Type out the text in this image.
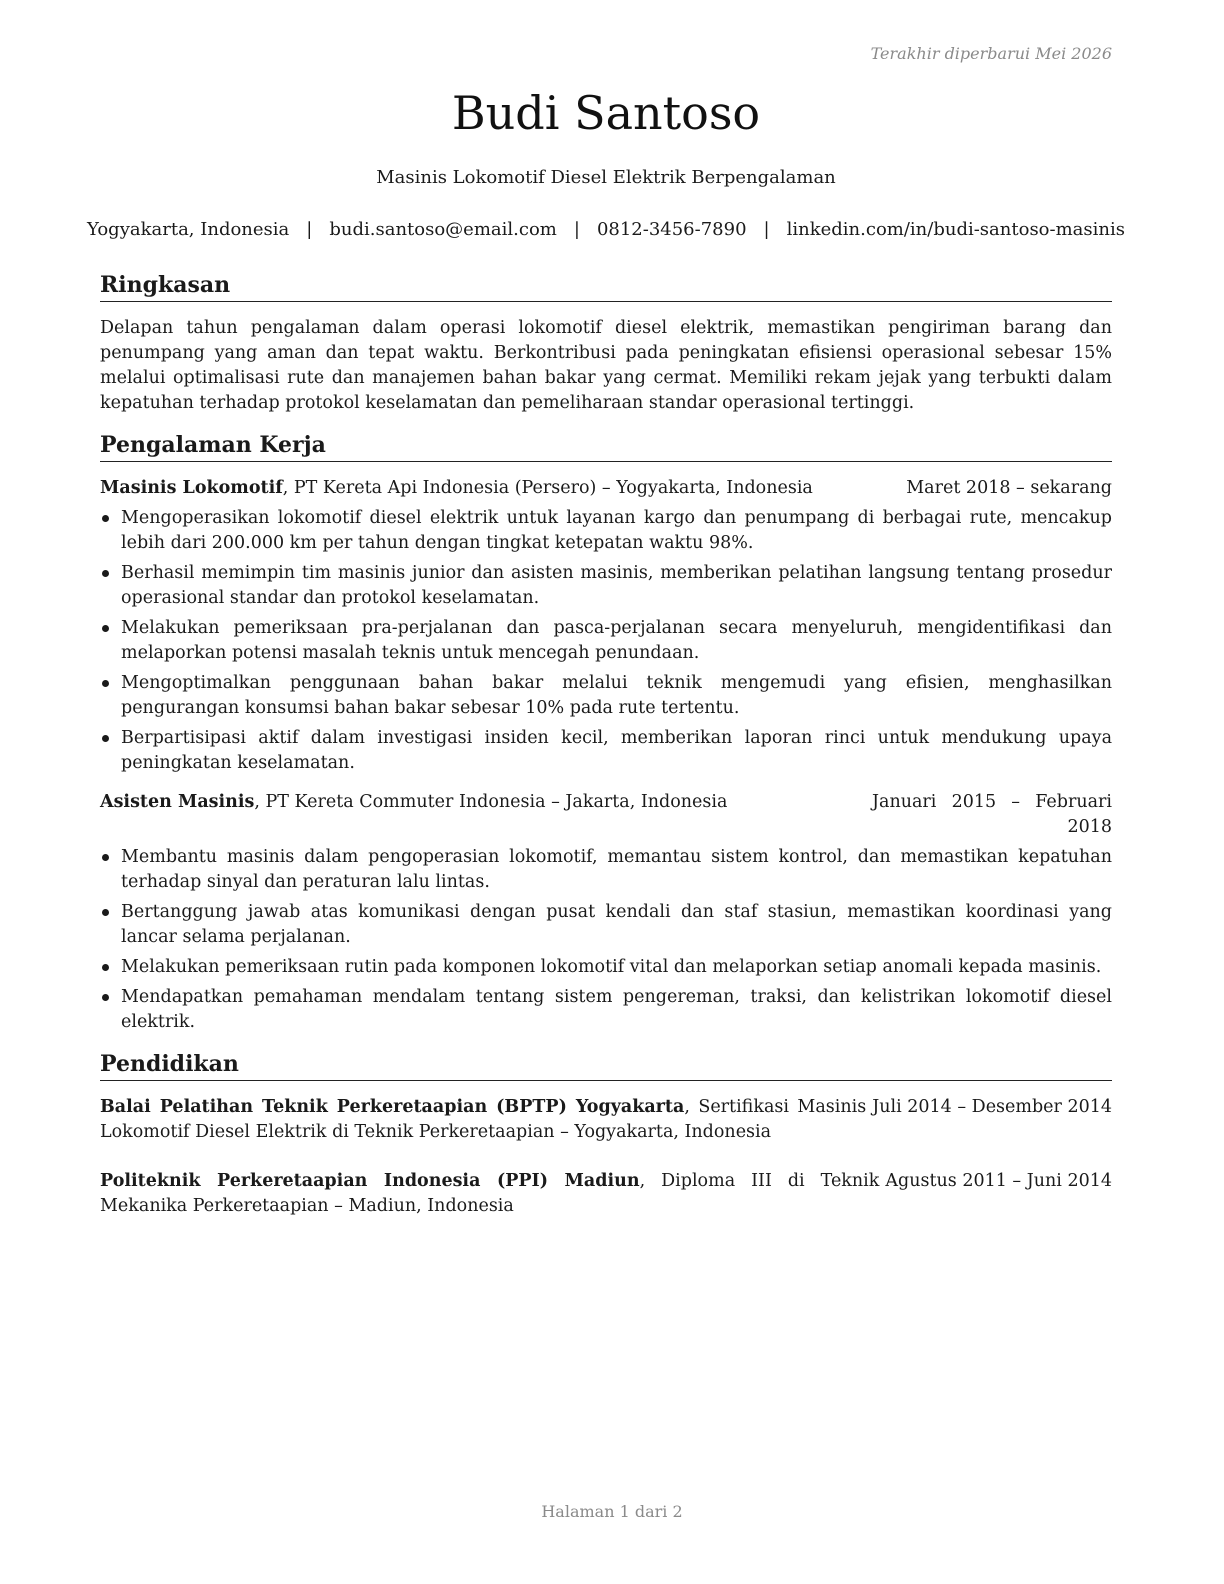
Terakhir diperbarui Mei 2026
Budi Santoso
Masinis Lokomotif Diesel Elektrik Berpengalaman
Yogyakarta, Indonesia | budi.santoso@email.com | 0812-3456-7890 | linkedin.com/in/budi-santoso-masinis
Ringkasan

Delapan tahun pengalaman dalam operasi lokomotif diesel elektrik, memastikan pengiriman barang dan penumpang yang aman dan tepat waktu. Berkontribusi pada peningkatan efisiensi operasional sebesar 15% melalui optimalisasi rute dan manajemen bahan bakar yang cermat. Memiliki rekam jejak yang terbukti dalam kepatuhan terhadap protokol keselamatan dan pemeliharaan standar operasional tertinggi.

Pengalaman Kerja
Masinis Lokomotif, PT Kereta Api Indonesia (Persero) – Yogyakarta, Indonesia	Maret 2018 – sekarang
Mengoperasikan lokomotif diesel elektrik untuk layanan kargo dan penumpang di berbagai rute, mencakup lebih dari 200.000 km per tahun dengan tingkat ketepatan waktu 98%.
Berhasil memimpin tim masinis junior dan asisten masinis, memberikan pelatihan langsung tentang prosedur operasional standar dan protokol keselamatan.
Melakukan pemeriksaan pra-perjalanan dan pasca-perjalanan secara menyeluruh, mengidentifikasi dan melaporkan potensi masalah teknis untuk mencegah penundaan.
Mengoptimalkan penggunaan bahan bakar melalui teknik mengemudi yang efisien, menghasilkan pengurangan konsumsi bahan bakar sebesar 10% pada rute tertentu.
Berpartisipasi aktif dalam investigasi insiden kecil, memberikan laporan rinci untuk mendukung upaya peningkatan keselamatan.
Asisten Masinis, PT Kereta Commuter Indonesia – Jakarta, Indonesia	Januari 2015 – Februari 2018
Membantu masinis dalam pengoperasian lokomotif, memantau sistem kontrol, dan memastikan kepatuhan terhadap sinyal dan peraturan lalu lintas.
Bertanggung jawab atas komunikasi dengan pusat kendali dan staf stasiun, memastikan koordinasi yang lancar selama perjalanan.
Melakukan pemeriksaan rutin pada komponen lokomotif vital dan melaporkan setiap anomali kepada masinis.
Mendapatkan pemahaman mendalam tentang sistem pengereman, traksi, dan kelistrikan lokomotif diesel elektrik.
Pendidikan
Balai Pelatihan Teknik Perkeretaapian (BPTP) Yogyakarta, Sertifikasi Masinis Lokomotif Diesel Elektrik di Teknik Perkeretaapian – Yogyakarta, Indonesia
Juli 2014 – Desember 2014
Politeknik Perkeretaapian Indonesia (PPI) Madiun, Diploma III di Teknik Mekanika Perkeretaapian – Madiun, Indonesia
Agustus 2011 – Juni 2014
Halaman 1 dari 2
